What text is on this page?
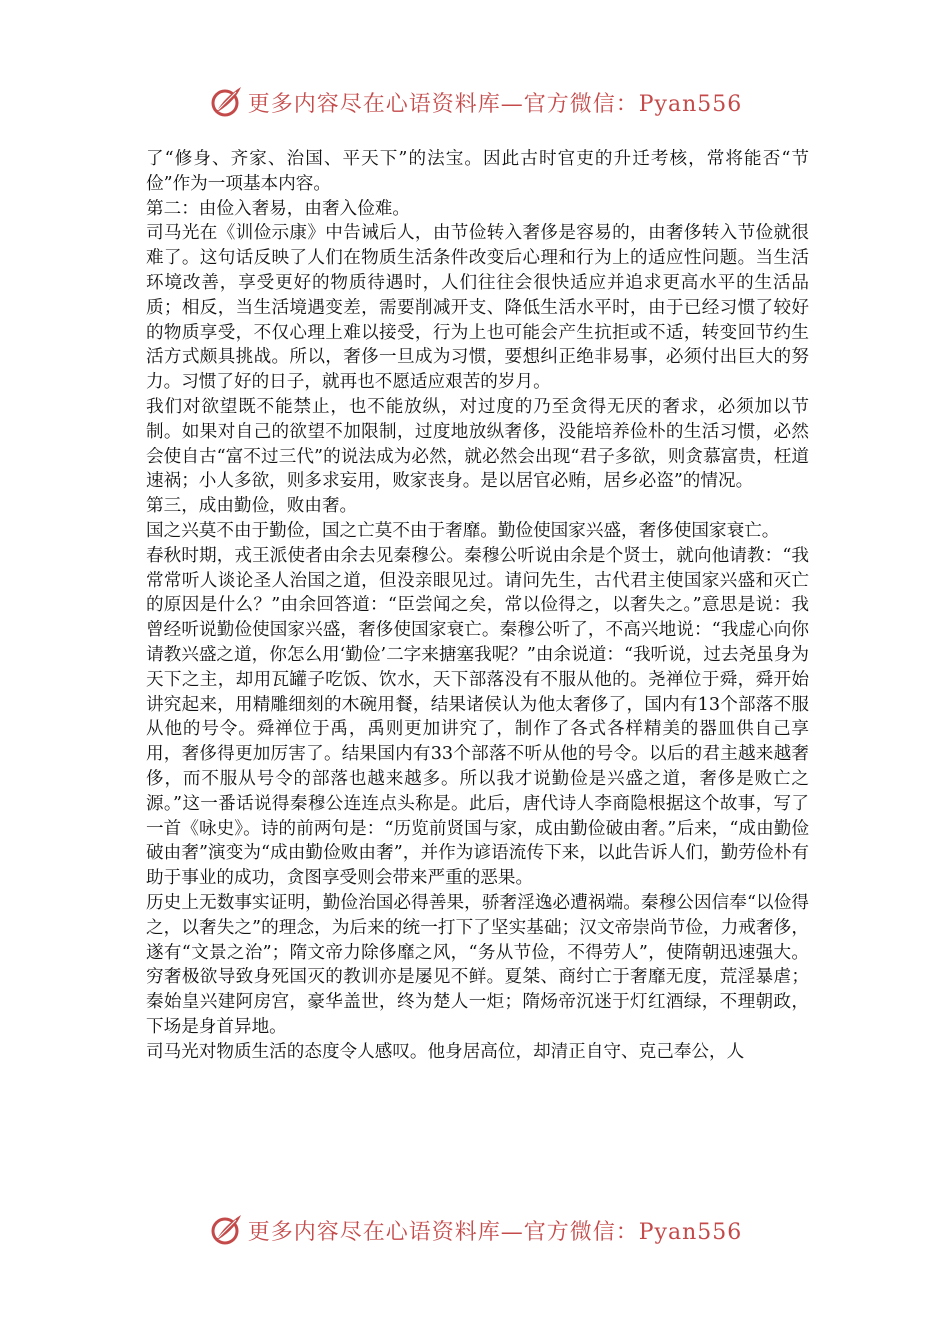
更多内容尽在心语资料库—官方微信：Pyan556

了“修身、齐家、治国、平天下”的法宝。因此古时官吏的升迁考核，常将能否“节俭”作为一项基本内容。

第二：由俭入奢易，由奢入俭难。

司马光在《训俭示康》中告诫后人，由节俭转入奢侈是容易的，由奢侈转入节俭就很难了。这句话反映了人们在物质生活条件改变后心理和行为上的适应性问题。当生活环境改善，享受更好的物质待遇时，人们往往会很快适应并追求更高水平的生活品质；相反，当生活境遇变差，需要削减开支、降低生活水平时，由于已经习惯了较好的物质享受，不仅心理上难以接受，行为上也可能会产生抗拒或不适，转变回节约生活方式颇具挑战。所以，奢侈一旦成为习惯，要想纠正绝非易事，必须付出巨大的努力。习惯了好的日子，就再也不愿适应艰苦的岁月。

我们对欲望既不能禁止，也不能放纵，对过度的乃至贪得无厌的奢求，必须加以节制。如果对自己的欲望不加限制，过度地放纵奢侈，没能培养俭朴的生活习惯，必然会使自古“富不过三代”的说法成为必然，就必然会出现“君子多欲，则贪慕富贵，枉道速祸；小人多欲，则多求妄用，败家丧身。是以居官必贿，居乡必盗”的情况。

第三，成由勤俭，败由奢。

国之兴莫不由于勤俭，国之亡莫不由于奢靡。勤俭使国家兴盛，奢侈使国家衰亡。

春秋时期，戎王派使者由余去见秦穆公。秦穆公听说由余是个贤士，就向他请教：“我常常听人谈论圣人治国之道，但没亲眼见过。请问先生，古代君主使国家兴盛和灭亡的原因是什么？”由余回答道：“臣尝闻之矣，常以俭得之，以奢失之。”意思是说：我曾经听说勤俭使国家兴盛，奢侈使国家衰亡。秦穆公听了，不高兴地说：“我虚心向你请教兴盛之道，你怎么用‘勤俭’二字来搪塞我呢？”由余说道：“我听说，过去尧虽身为天下之主，却用瓦罐子吃饭、饮水，天下部落没有不服从他的。尧禅位于舜，舜开始讲究起来，用精雕细刻的木碗用餐，结果诸侯认为他太奢侈了，国内有13个部落不服从他的号令。舜禅位于禹，禹则更加讲究了，制作了各式各样精美的器皿供自己享用，奢侈得更加厉害了。结果国内有33个部落不听从他的号令。以后的君主越来越奢侈，而不服从号令的部落也越来越多。所以我才说勤俭是兴盛之道，奢侈是败亡之源。”这一番话说得秦穆公连连点头称是。此后，唐代诗人李商隐根据这个故事，写了一首《咏史》。诗的前两句是：“历览前贤国与家，成由勤俭破由奢。”后来，“成由勤俭破由奢”演变为“成由勤俭败由奢”，并作为谚语流传下来，以此告诉人们，勤劳俭朴有助于事业的成功，贪图享受则会带来严重的恶果。

历史上无数事实证明，勤俭治国必得善果，骄奢淫逸必遭祸端。秦穆公因信奉“以俭得之，以奢失之”的理念，为后来的统一打下了坚实基础；汉文帝崇尚节俭，力戒奢侈，遂有“文景之治”；隋文帝力除侈靡之风，“务从节俭，不得劳人”，使隋朝迅速强大。穷奢极欲导致身死国灭的教训亦是屡见不鲜。夏桀、商纣亡于奢靡无度，荒淫暴虐；秦始皇兴建阿房宫，豪华盖世，终为楚人一炬；隋炀帝沉迷于灯红酒绿，不理朝政，下场是身首异地。

司马光对物质生活的态度令人感叹。他身居高位，却清正自守、克己奉公，人

更多内容尽在心语资料库—官方微信：Pyan556
